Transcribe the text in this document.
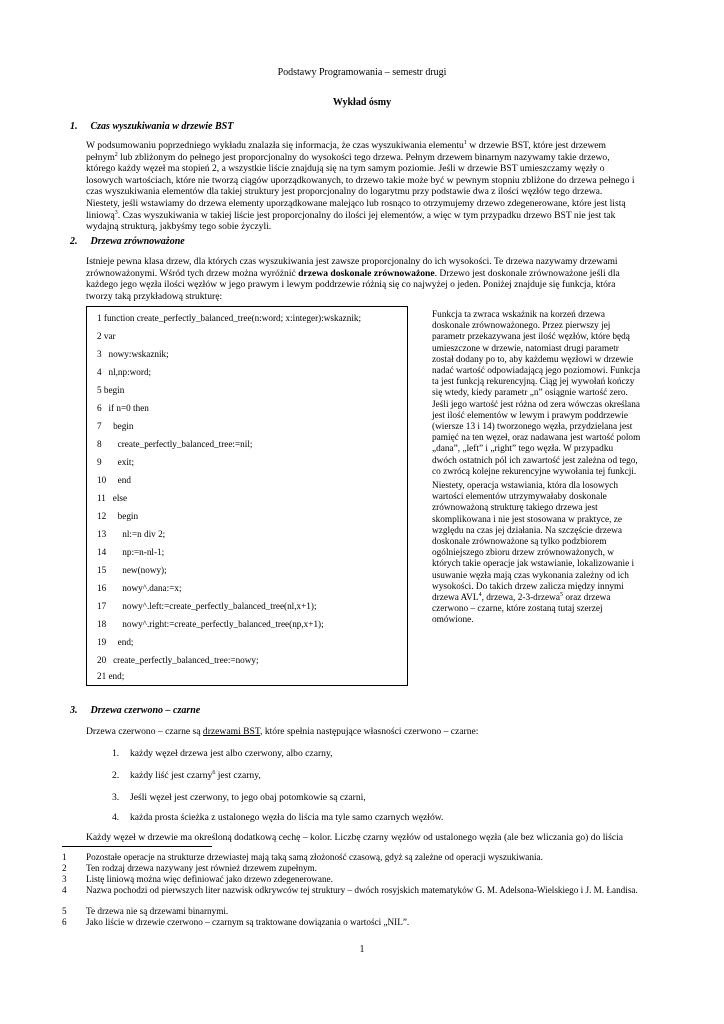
Podstawy Programowania – semestr drugi
Wykład ósmy
1. Czas wyszukiwania w drzewie BST
W podsumowaniu poprzedniego wykładu znalazła się informacja, że czas wyszukiwania elementu$^1$ w drzewie BST, które jest drzewem
pełnym$^2$ lub zbliżonym do pełnego jest proporcjonalny do wysokości tego drzewa. Pełnym drzewem binarnym nazywamy takie drzewo,
którego każdy węzeł ma stopień 2, a wszystkie liście znajdują się na tym samym poziomie. Jeśli w drzewie BST umieszczamy węzły o
losowych wartościach, które nie tworzą ciągów uporządkowanych, to drzewo takie może być w pewnym stopniu zbliżone do drzewa pełnego i
czas wyszukiwania elementów dla takiej struktury jest proporcjonalny do logarytmu przy podstawie dwa z ilości węzłów tego drzewa.
Niestety, jeśli wstawiamy do drzewa elementy uporządkowane malejąco lub rosnąco to otrzymujemy drzewo zdegenerowane, które jest listą
liniową$^3$. Czas wyszukiwania w takiej liście jest proporcjonalny do ilości jej elementów, a więc w tym przypadku drzewo BST nie jest tak
wydajną strukturą, jakbyśmy tego sobie życzyli.
2. Drzewa zrównoważone
Istnieje pewna klasa drzew, dla których czas wyszukiwania jest zawsze proporcjonalny do ich wysokości. Te drzewa nazywamy drzewami
zrównoważonymi. Wśród tych drzew można wyróżnić drzewa doskonale zrównoważone. Drzewo jest doskonale zrównoważone jeśli dla
każdego jego węzła ilości węzłów w jego prawym i lewym poddrzewie różnią się co najwyżej o jeden. Poniżej znajduje się funkcja, która
tworzy taką przykładową strukturę:
1 function create_perfectly_balanced_tree(n:word; x:integer):wskaznik;
2 var
3   nowy:wskaznik;
4   nl,np:word;
5 begin
6   if n=0 then
7     begin
8       create_perfectly_balanced_tree:=nil;
9       exit;
10     end
11   else
12     begin
13       nl:=n div 2;
14       np:=n-nl-1;
15       new(nowy);
16       nowy^.dana:=x;
17       nowy^.left:=create_perfectly_balanced_tree(nl,x+1);
18       nowy^.right:=create_perfectly_balanced_tree(np,x+1);
19     end;
20   create_perfectly_balanced_tree:=nowy;
21 end;
Funkcja ta zwraca wskaźnik na korzeń drzewa
doskonale zrównoważonego. Przez pierwszy jej
parametr przekazywana jest ilość węzłów, które będą
umieszczone w drzewie, natomiast drugi parametr
został dodany po to, aby każdemu węzłowi w drzewie
nadać wartość odpowiadającą jego poziomowi. Funkcja
ta jest funkcją rekurencyjną. Ciąg jej wywołań kończy
się wtedy, kiedy parametr „n” osiągnie wartość zero.
Jeśli jego wartość jest różna od zera wówczas określana
jest ilość elementów w lewym i prawym poddrzewie
(wiersze 13 i 14) tworzonego węzła, przydzielana jest
pamięć na ten węzeł, oraz nadawana jest wartość polom
„dana”, „left” i „right” tego węzła. W przypadku
dwóch ostatnich pól ich zawartość jest zależna od tego,
co zwrócą kolejne rekurencyjne wywołania tej funkcji.
Niestety, operacja wstawiania, która dla losowych
wartości elementów utrzymywałaby doskonale
zrównoważoną strukturę takiego drzewa jest
skomplikowana i nie jest stosowana w praktyce, ze
względu na czas jej działania. Na szczęście drzewa
doskonale zrównoważone są tylko podzbiorem
ogólniejszego zbioru drzew zrównoważonych, w
których takie operacje jak wstawianie, lokalizowanie i
usuwanie węzła mają czas wykonania zależny od ich
wysokości. Do takich drzew zalicza między innymi
drzewa AVL$^4$, drzewa, 2-3-drzewa$^5$ oraz drzewa
czerwono – czarne, które zostaną tutaj szerzej
omówione.
3. Drzewa czerwono – czarne
Drzewa czerwono – czarne są drzewami BST, które spełnia następujące własności czerwono – czarne:
1. każdy węzeł drzewa jest albo czerwony, albo czarny,
2. każdy liść jest czarny$^6$ jest czarny,
3. Jeśli węzeł jest czerwony, to jego obaj potomkowie są czarni,
4. każda prosta ścieżka z ustalonego węzła do liścia ma tyle samo czarnych węzłów.
Każdy węzeł w drzewie ma określoną dodatkową cechę – kolor. Liczbę czarny węzłów od ustalonego węzła (ale bez wliczania go) do liścia
1 Pozostałe operacje na strukturze drzewiastej mają taką samą złożoność czasową, gdyż są zależne od operacji wyszukiwania.
2 Ten rodzaj drzewa nazywany jest również drzewem zupełnym.
3 Listę liniową można więc definiować jako drzewo zdegenerowane.
4 Nazwa pochodzi od pierwszych liter nazwisk odkrywców tej struktury – dwóch rosyjskich matematyków G. M. Adelsona-Wielskiego i J. M. Łandisa.
5 Te drzewa nie są drzewami binarnymi.
6 Jako liście w drzewie czerwono – czarnym są traktowane dowiązania o wartości „NIL”.
1
